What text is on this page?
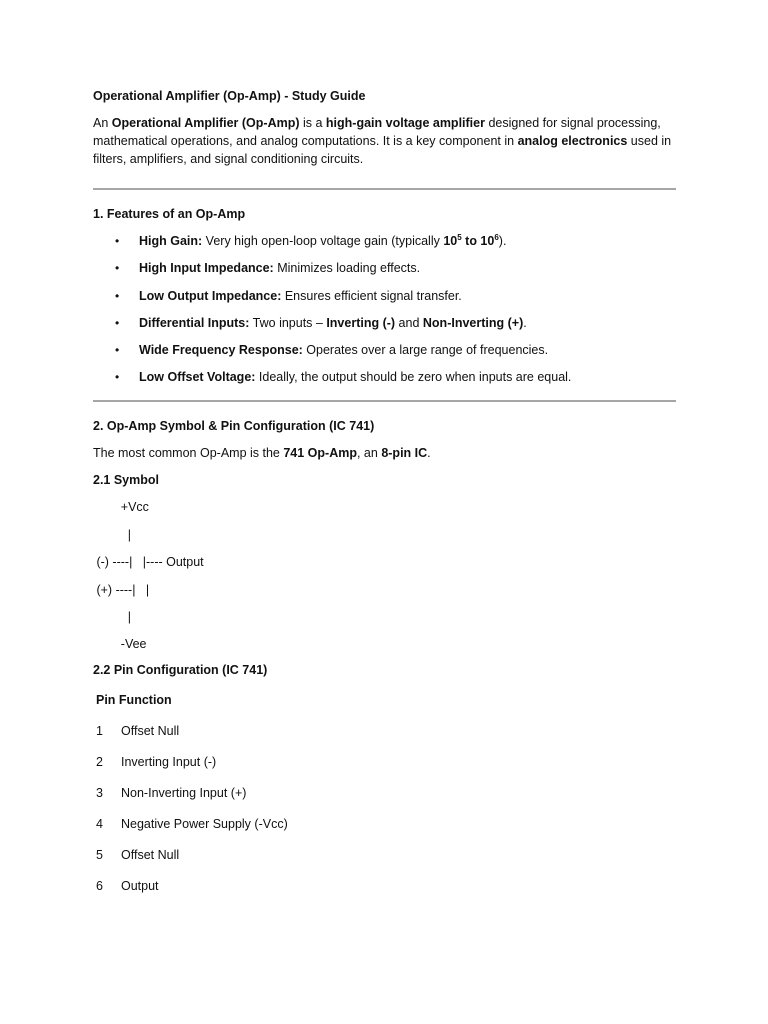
Operational Amplifier (Op-Amp) - Study Guide

An Operational Amplifier (Op-Amp) is a high-gain voltage amplifier designed for signal processing, mathematical operations, and analog computations. It is a key component in analog electronics used in filters, amplifiers, and signal conditioning circuits.

1. Features of an Op-Amp
• High Gain: Very high open-loop voltage gain (typically $10^5$ to $10^6$).
• High Input Impedance: Minimizes loading effects.
• Low Output Impedance: Ensures efficient signal transfer.
• Differential Inputs: Two inputs – Inverting (-) and Non-Inverting (+).
• Wide Frequency Response: Operates over a large range of frequencies.
• Low Offset Voltage: Ideally, the output should be zero when inputs are equal.
2. Op-Amp Symbol & Pin Configuration (IC 741)

The most common Op-Amp is the 741 Op-Amp, an 8-pin IC.

2.1 Symbol
+Vcc
|
(-) ----|   |---- Output
(+) ----|   |
|
-Vee
2.2 Pin Configuration (IC 741)
Pin Function
1	Offset Null
2	Inverting Input (-)
3	Non-Inverting Input (+)
4	Negative Power Supply (-Vcc)
5	Offset Null
6	Output
